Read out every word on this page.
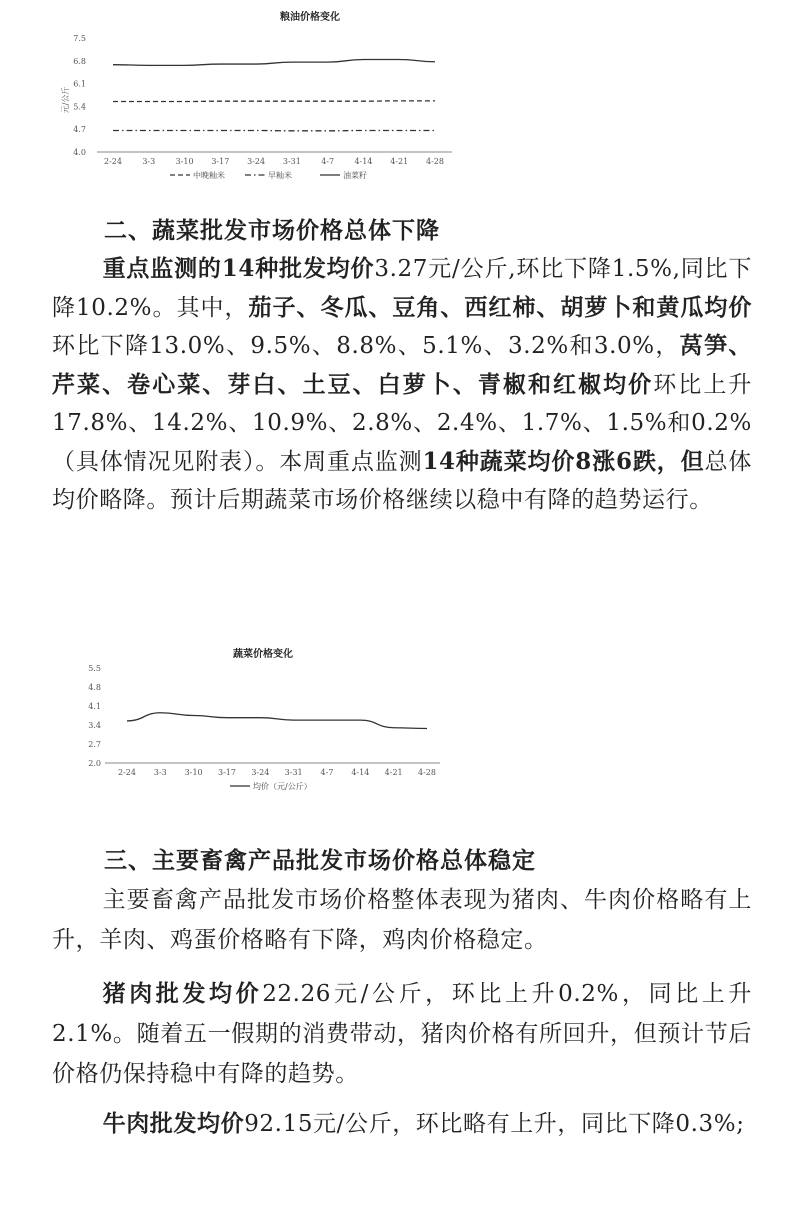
粮油价格变化
元/公斤
4.0
4.7
5.4
6.1
6.8
7.5
2-24	3-3	3-10 3-17 3-24 3-31	4-7	4-14 4-21 4-28
中晚籼米	早籼米	油菜籽
二、蔬菜批发市场价格总体下降

重点监测的14种批发均价3.27元/公斤,环比下降1.5%,同比下降10.2%。其中，茄子、冬瓜、豆角、西红柿、胡萝卜和黄瓜均价环比下降13.0%、9.5%、8.8%、5.1%、3.2%和3.0%，莴笋、芹菜、卷心菜、芽白、土豆、白萝卜、青椒和红椒均价环比上升17.8%、14.2%、10.9%、2.8%、2.4%、1.7%、1.5%和0.2%（具体情况见附表）。本周重点监测14种蔬菜均价8涨6跌，但总体均价略降。预计后期蔬菜市场价格继续以稳中有降的趋势运行。

蔬菜价格变化
2.0
2.7
3.4
4.1
4.8
5.5
2-24 3-3 3-10 3-17 3-24 3-31 4-7 4-14 4-21 4-28
均价（元/公斤）
三、主要畜禽产品批发市场价格总体稳定

主要畜禽产品批发市场价格整体表现为猪肉、牛肉价格略有上升，羊肉、鸡蛋价格略有下降，鸡肉价格稳定。

猪肉批发均价22.26元/公斤，环比上升0.2%，同比上升2.1%。随着五一假期的消费带动，猪肉价格有所回升，但预计节后价格仍保持稳中有降的趋势。

牛肉批发均价92.15元/公斤，环比略有上升，同比下降0.3%;
